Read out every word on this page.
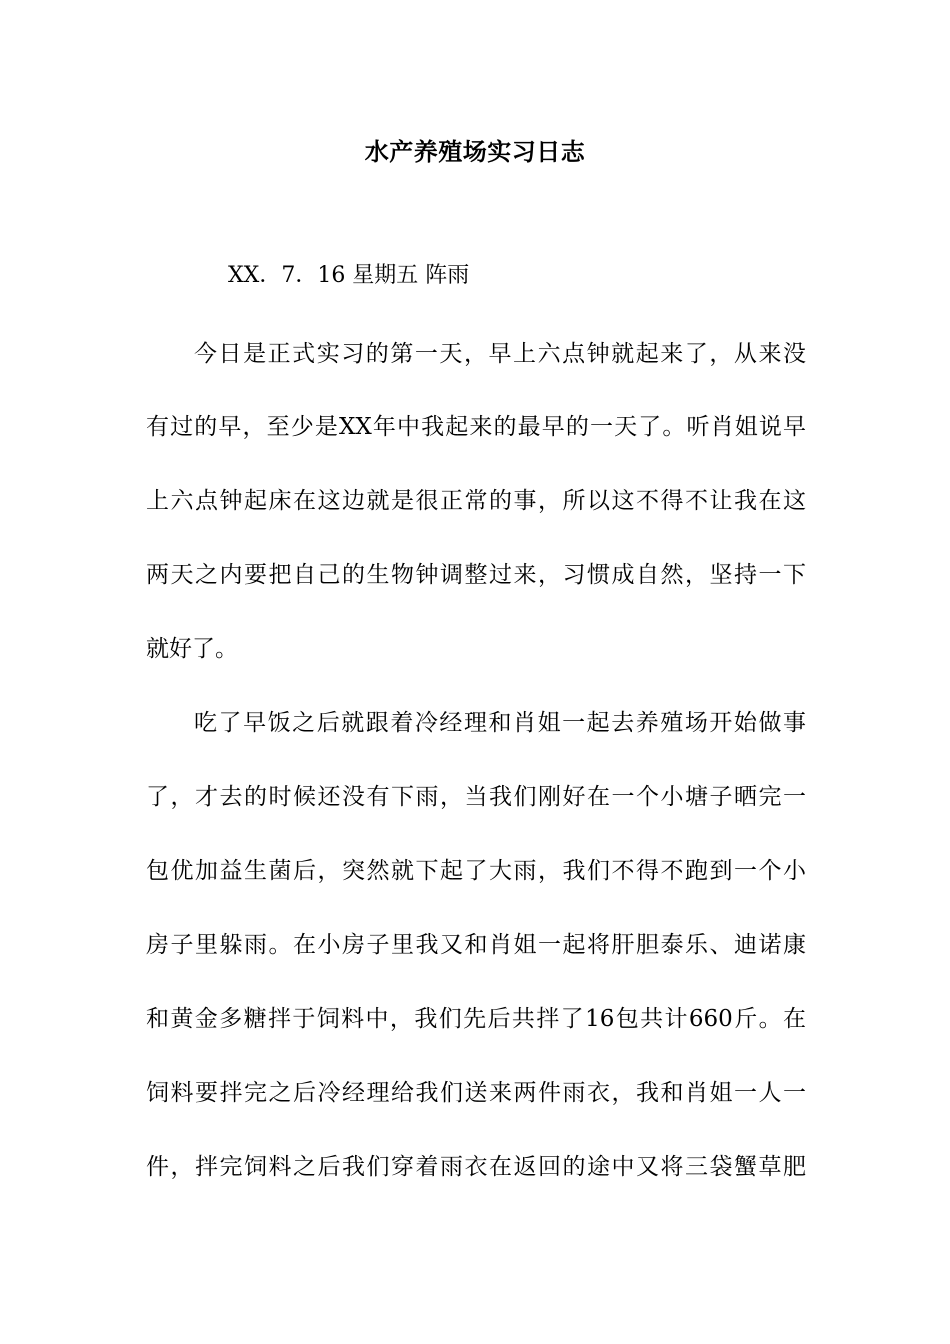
水产养殖场实习日志
XX．7．16 星期五 阵雨
今日是正式实习的第一天，早上六点钟就起来了，从来没
有过的早，至少是XX年中我起来的最早的一天了。听肖姐说早
上六点钟起床在这边就是很正常的事，所以这不得不让我在这
两天之内要把自己的生物钟调整过来，习惯成自然，坚持一下
就好了。
吃了早饭之后就跟着冷经理和肖姐一起去养殖场开始做事
了，才去的时候还没有下雨，当我们刚好在一个小塘子晒完一
包优加益生菌后，突然就下起了大雨，我们不得不跑到一个小
房子里躲雨。在小房子里我又和肖姐一起将肝胆泰乐、迪诺康
和黄金多糖拌于饲料中，我们先后共拌了16包共计660斤。在
饲料要拌完之后冷经理给我们送来两件雨衣，我和肖姐一人一
件，拌完饲料之后我们穿着雨衣在返回的途中又将三袋蟹草肥
